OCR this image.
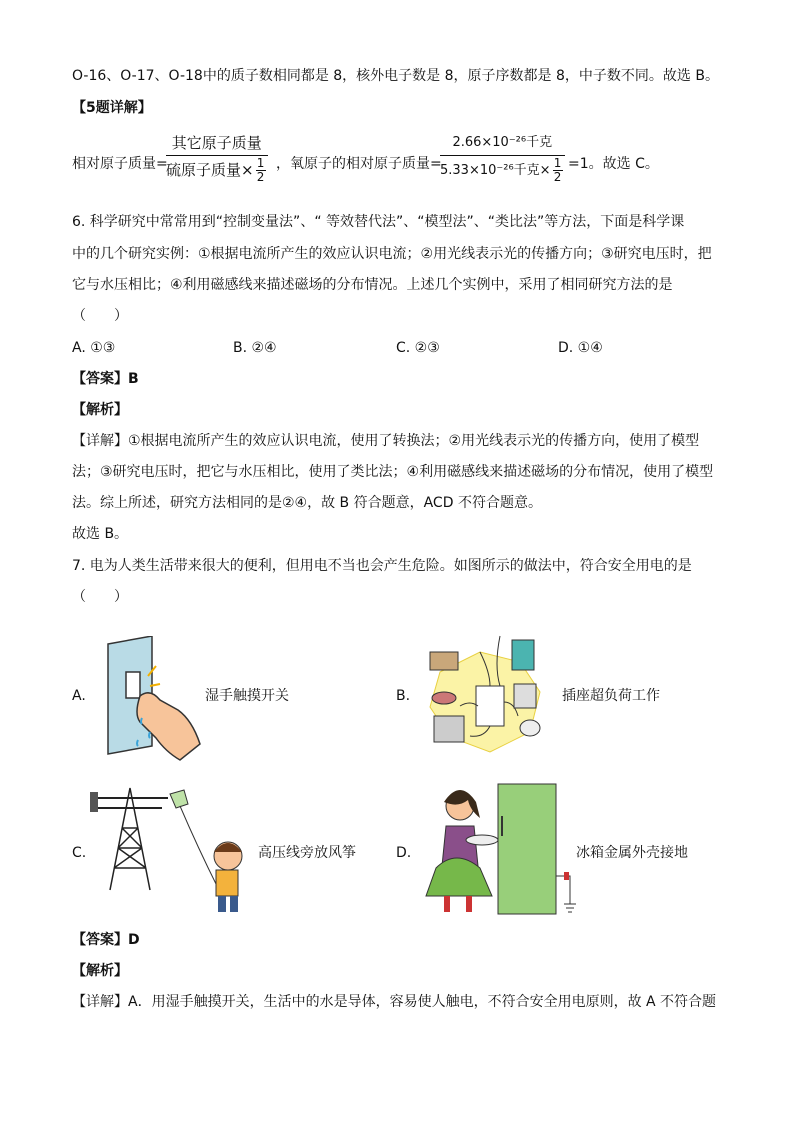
O-16、O-17、O-18中的质子数相同都是 8，核外电子数是 8，原子序数都是 8，中子数不同。故选 B。
【5题详解】
相对原子质量=
其它原子质量
硫原子质量× $\frac{1}{2}$ ，氧原子的相对原子质量=
2.66×10⁻²⁶千克
5.33×10⁻²⁶千克× $\frac{1}{2} =1$。故选 C。
6. 科学研究中常常用到“控制变量法”、“ 等效替代法”、“模型法”、“类比法”等方法，下面是科学课
中的几个研究实例：①根据电流所产生的效应认识电流；②用光线表示光的传播方向；③研究电压时，把
它与水压相比；④利用磁感线来描述磁场的分布情况。上述几个实例中，采用了相同研究方法的是
（　　）
A. ①③	B. ②④	C. ②③	D. ①④
【答案】B
【解析】
【详解】①根据电流所产生的效应认识电流，使用了转换法；②用光线表示光的传播方向，使用了模型
法；③研究电压时，把它与水压相比，使用了类比法；④利用磁感线来描述磁场的分布情况，使用了模型
法。综上所述，研究方法相同的是②④，故 B 符合题意，ACD 不符合题意。
故选 B。
7. 电为人类生活带来很大的便利，但用电不当也会产生危险。如图所示的做法中，符合安全用电的是
（　　）
A.	湿手触摸开关	B.	插座超负荷工作
C.	高压线旁放风筝	D.	冰箱金属外壳接地
【答案】D
【解析】
【详解】A．用湿手触摸开关，生活中的水是导体，容易使人触电，不符合安全用电原则，故 A 不符合题
